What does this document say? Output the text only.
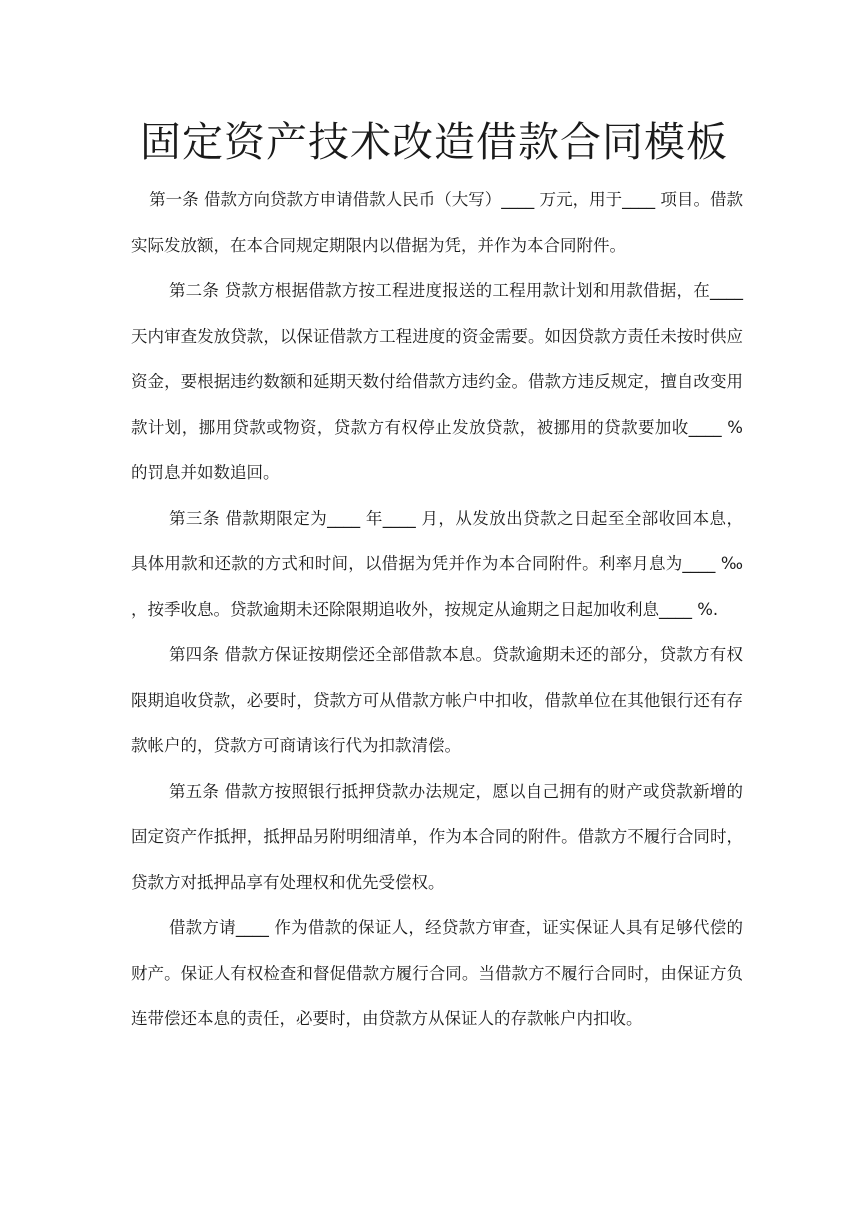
固定资产技术改造借款合同模板

第一条 借款方向贷款方申请借款人民币（大写）____ 万元，用于____ 项目。借款实际发放额，在本合同规定期限内以借据为凭，并作为本合同附件。

第二条 贷款方根据借款方按工程进度报送的工程用款计划和用款借据，在____ 天内审查发放贷款，以保证借款方工程进度的资金需要。如因贷款方责任未按时供应资金，要根据违约数额和延期天数付给借款方违约金。借款方违反规定，擅自改变用款计划，挪用贷款或物资，贷款方有权停止发放贷款，被挪用的贷款要加收____ %的罚息并如数追回。

第三条 借款期限定为____ 年____ 月，从发放出贷款之日起至全部收回本息，具体用款和还款的方式和时间，以借据为凭并作为本合同附件。利率月息为____ ‰ ，按季收息。贷款逾期未还除限期追收外，按规定从逾期之日起加收利息____ %.

第四条 借款方保证按期偿还全部借款本息。贷款逾期未还的部分，贷款方有权限期追收贷款，必要时，贷款方可从借款方帐户中扣收，借款单位在其他银行还有存款帐户的，贷款方可商请该行代为扣款清偿。

第五条 借款方按照银行抵押贷款办法规定，愿以自己拥有的财产或贷款新增的固定资产作抵押，抵押品另附明细清单，作为本合同的附件。借款方不履行合同时，贷款方对抵押品享有处理权和优先受偿权。

借款方请____ 作为借款的保证人，经贷款方审查，证实保证人具有足够代偿的财产。保证人有权检查和督促借款方履行合同。当借款方不履行合同时，由保证方负连带偿还本息的责任，必要时，由贷款方从保证人的存款帐户内扣收。
